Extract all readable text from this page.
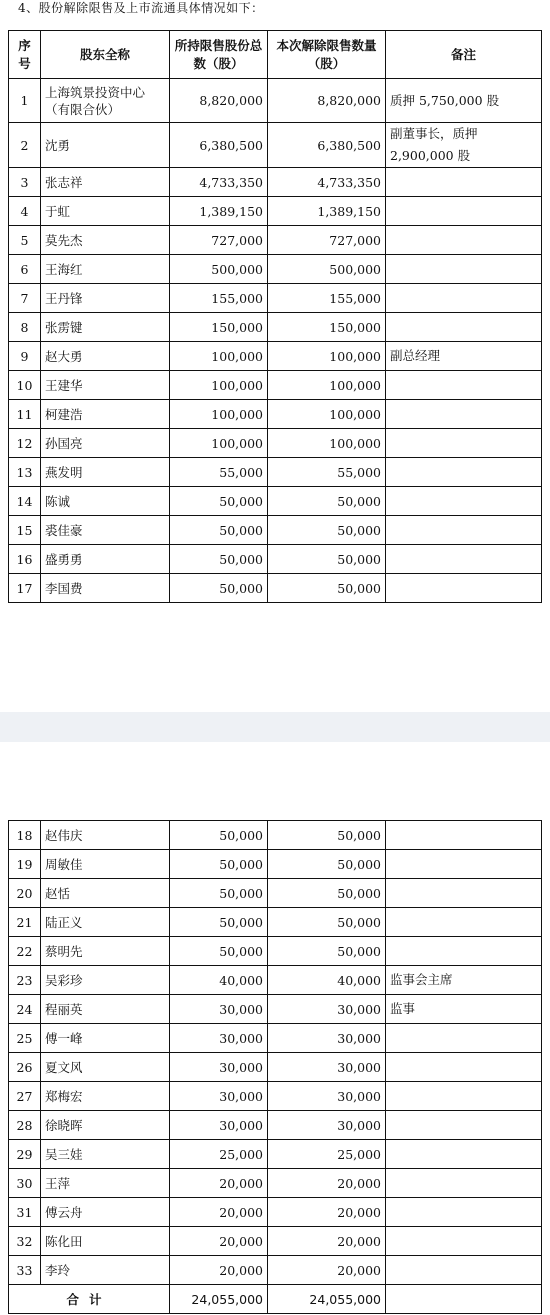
4、股份解除限售及上市流通具体情况如下：
序号	股东全称	所持限售股份总数（股）	本次解除限售数量（股）	备注
1	上海筑景投资中心（有限合伙）	8,820,000	8,820,000	质押 5,750,000 股
2	沈勇	6,380,500	6,380,500	副董事长，质押 2,900,000 股
3	张志祥	4,733,350	4,733,350	
4	于虹	1,389,150	1,389,150	
5	莫先杰	727,000	727,000	
6	王海红	500,000	500,000	
7	王丹锋	155,000	155,000	
8	张雳键	150,000	150,000	
9	赵大勇	100,000	100,000	副总经理
10	王建华	100,000	100,000	
11	柯建浩	100,000	100,000	
12	孙国亮	100,000	100,000	
13	燕发明	55,000	55,000	
14	陈诚	50,000	50,000	
15	裘佳豪	50,000	50,000	
16	盛勇勇	50,000	50,000	
17	李国费	50,000	50,000	
18	赵伟庆	50,000	50,000	
19	周敏佳	50,000	50,000	
20	赵恬	50,000	50,000	
21	陆正义	50,000	50,000	
22	蔡明先	50,000	50,000	
23	吴彩珍	40,000	40,000	监事会主席
24	程丽英	30,000	30,000	监事
25	傅一峰	30,000	30,000	
26	夏文风	30,000	30,000	
27	郑梅宏	30,000	30,000	
28	徐晓晖	30,000	30,000	
29	吴三娃	25,000	25,000	
30	王萍	20,000	20,000	
31	傅云舟	20,000	20,000	
32	陈化田	20,000	20,000	
33	李玲	20,000	20,000	
合计		24,055,000	24,055,000	
